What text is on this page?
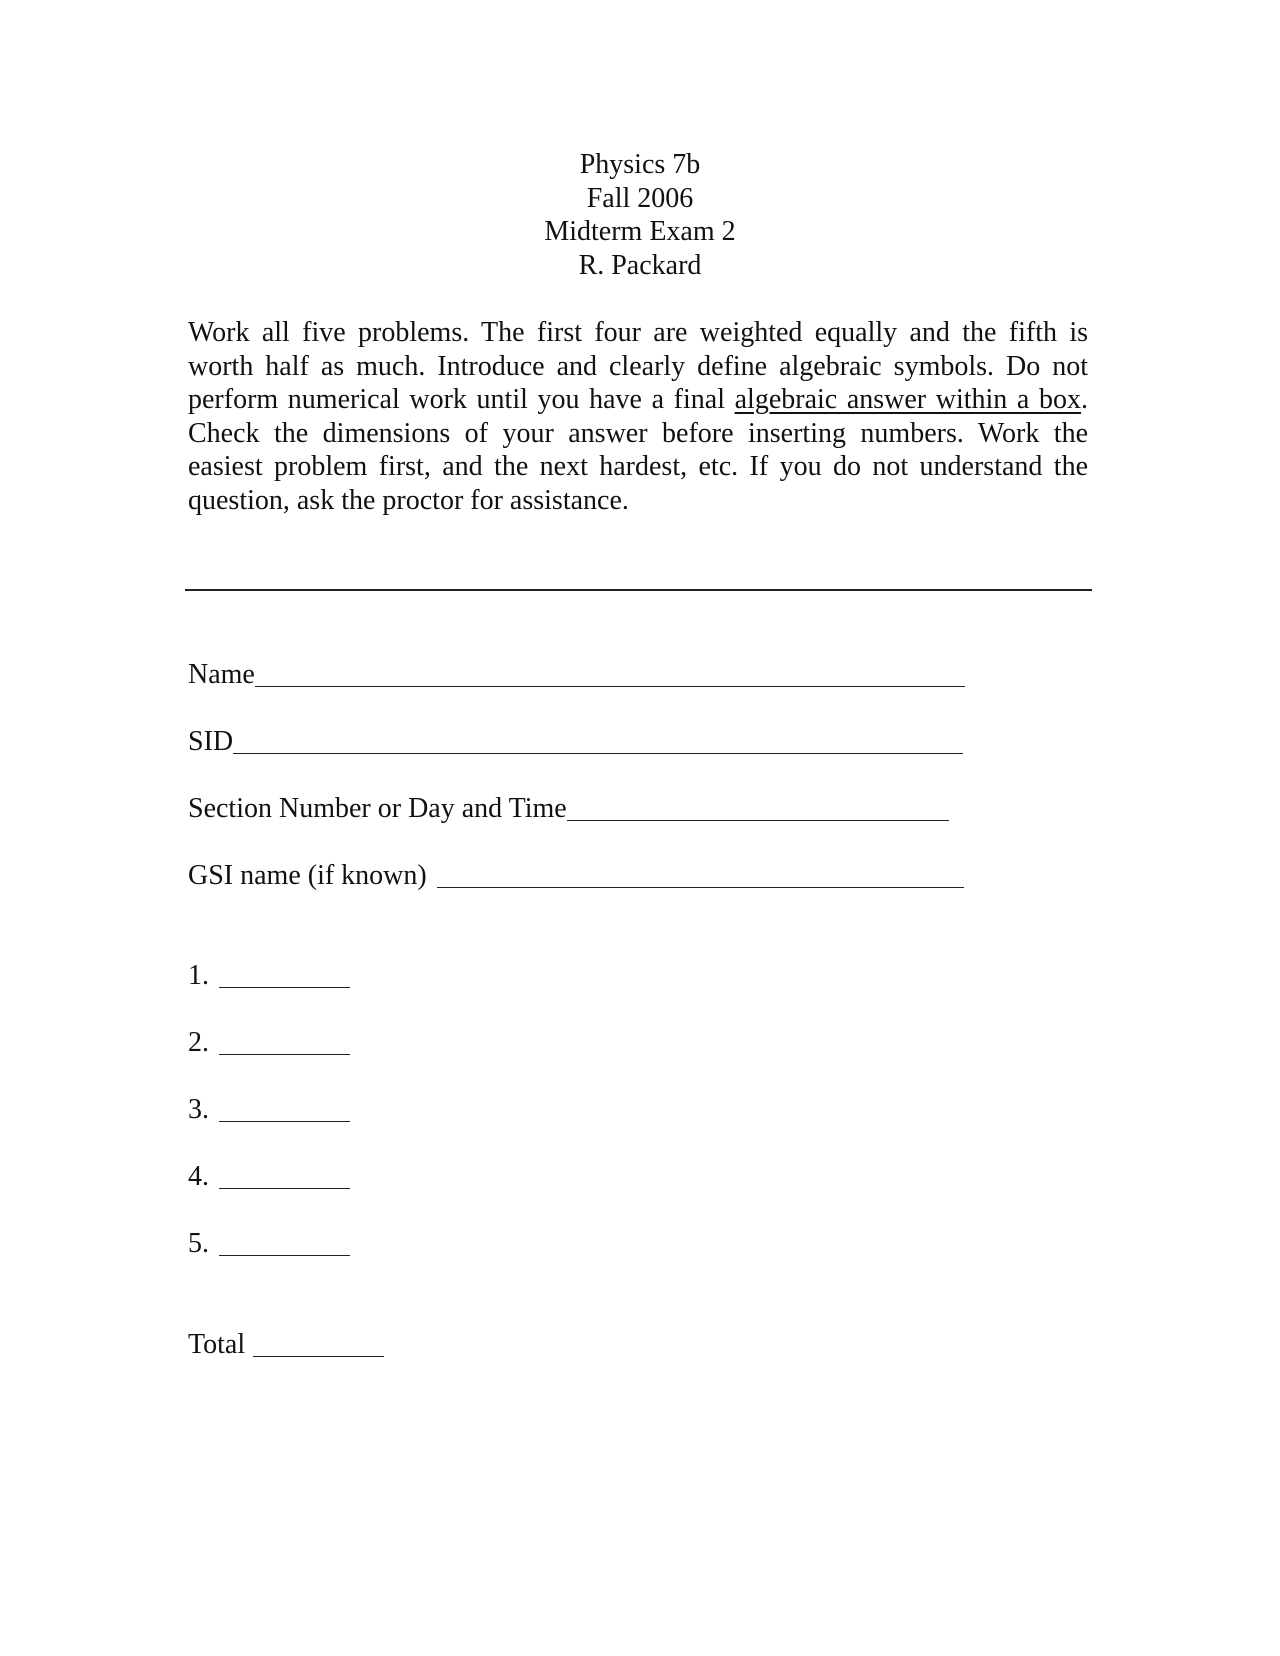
Physics 7b
Fall 2006
Midterm Exam 2
R. Packard
Work all five problems. The first four are weighted equally and the fifth is worth half as much. Introduce and clearly define algebraic symbols. Do not perform numerical work until you have a final algebraic answer within a box. Check the dimensions of your answer before inserting numbers. Work the easiest problem first, and the next hardest, etc. If you do not understand the question, ask the proctor for assistance.
Name
SID
Section Number or Day and Time
GSI name (if known)
1.
2.
3.
4.
5.
Total
